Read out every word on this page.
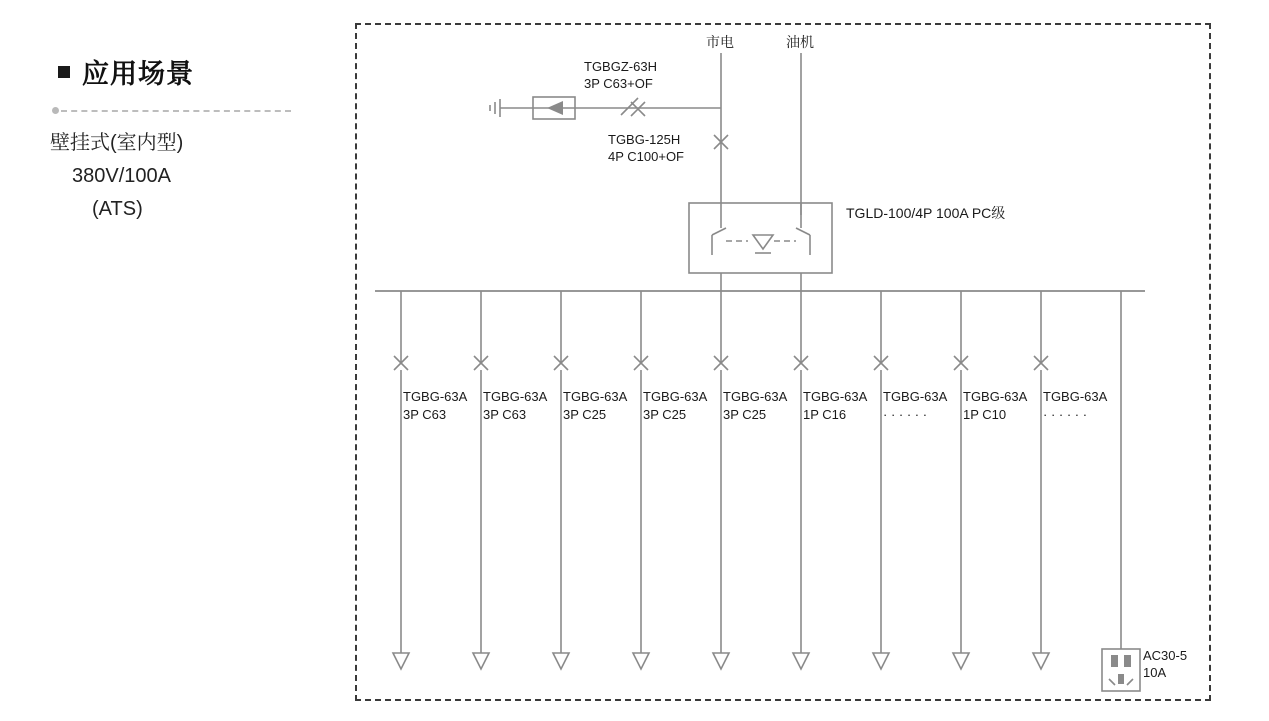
应用场景
壁挂式(室内型)
380V/100A
(ATS)
市电	油机
TGBGZ-63H
3P C63+OF
TGBG-125H
4P C100+OF
TGLD-100/4P 100A PC级
TGBG-63A
3P C63
TGBG-63A
3P C63
TGBG-63A
3P C25
TGBG-63A
3P C25
TGBG-63A
3P C25
TGBG-63A
1P C16
TGBG-63A
· · · · · ·
TGBG-63A
1P C10
TGBG-63A
· · · · · ·
AC30-5
10A
